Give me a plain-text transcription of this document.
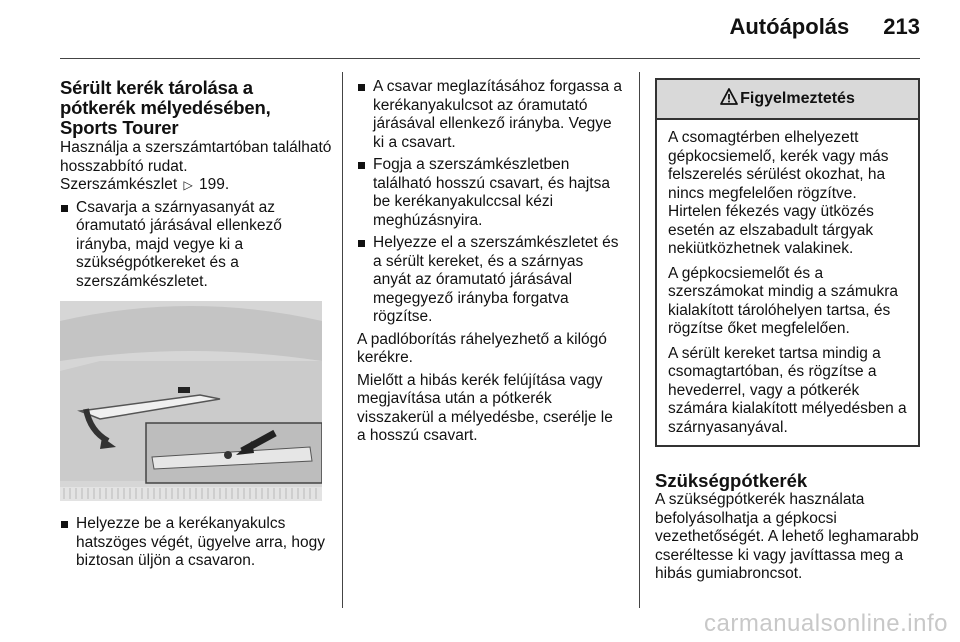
Autóápolás 213
Sérült kerék tárolása a pótkerék mélyedésében, Sports Tourer

Használja a szerszámtartóban található hosszabbító rudat.

Szerszámkészlet ▷ 199.

Csavarja a szárnyasanyát az óramutató járásával ellenkező irányba, majd vegye ki a szükségpótkereket és a szerszámkészletet.
Helyezze be a kerékanyakulcs hatszöges végét, ügyelve arra, hogy biztosan üljön a csavaron.
A csavar meglazításához forgassa a kerékanyakulcsot az óramutató járásával ellenkező irányba. Vegye ki a csavart.
Fogja a szerszámkészletben található hosszú csavart, és hajtsa be kerékanyakulccsal kézi meghúzásnyira.
Helyezze el a szerszámkészletet és a sérült kereket, és a szárnyas anyát az óramutató járásával megegyező irányba forgatva rögzítse.

A padlóborítás ráhelyezhető a kilógó kerékre.

Mielőtt a hibás kerék felújítása vagy megjavítása után a pótkerék visszakerül a mélyedésbe, cserélje le a hosszú csavart.

Figyelmeztetés

A csomagtérben elhelyezett gépkocsiemelő, kerék vagy más felszerelés sérülést okozhat, ha nincs megfelelően rögzítve. Hirtelen fékezés vagy ütközés esetén az elszabadult tárgyak nekiütközhetnek valakinek.

A gépkocsiemelőt és a szerszámokat mindig a számukra kialakított tárolóhelyen tartsa, és rögzítse őket megfelelően.

A sérült kereket tartsa mindig a csomagtartóban, és rögzítse a hevederrel, vagy a pótkerék számára kialakított mélyedésben a szárnyasanyával.

Szükségpótkerék

A szükségpótkerék használata befolyásolhatja a gépkocsi vezethetőségét. A lehető leghamarabb cseréltesse ki vagy javíttassa meg a hibás gumiabroncsot.

carmanualsonline.info
